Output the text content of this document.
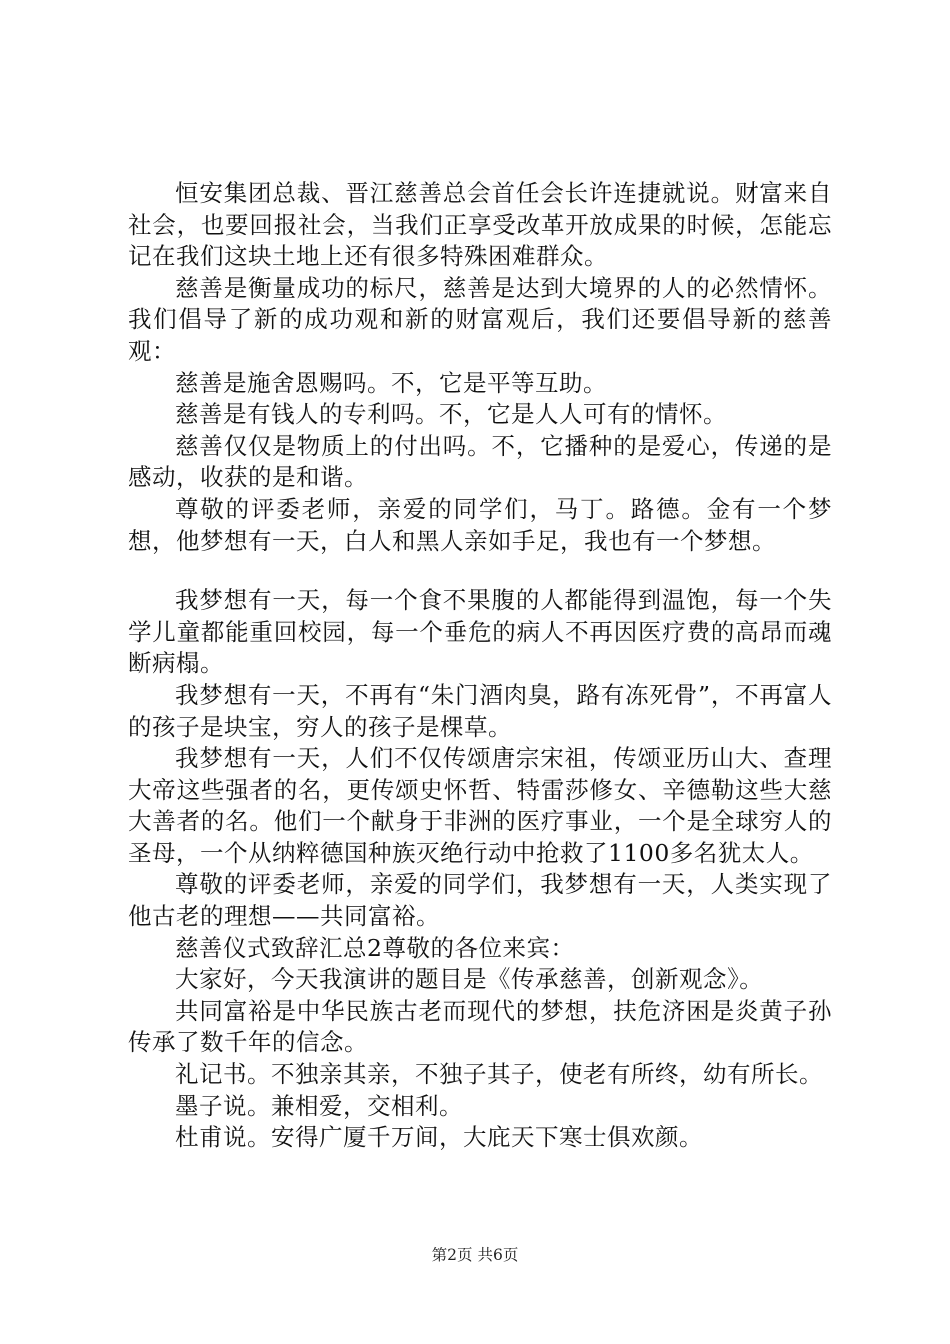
恒安集团总裁、晋江慈善总会首任会长许连捷就说。财富来自社会，也要回报社会，当我们正享受改革开放成果的时候，怎能忘记在我们这块土地上还有很多特殊困难群众。

慈善是衡量成功的标尺，慈善是达到大境界的人的必然情怀。我们倡导了新的成功观和新的财富观后，我们还要倡导新的慈善观：

慈善是施舍恩赐吗。不，它是平等互助。

慈善是有钱人的专利吗。不，它是人人可有的情怀。

慈善仅仅是物质上的付出吗。不，它播种的是爱心，传递的是感动，收获的是和谐。

尊敬的评委老师，亲爱的同学们，马丁。路德。金有一个梦想，他梦想有一天，白人和黑人亲如手足，我也有一个梦想。

我梦想有一天，每一个食不果腹的人都能得到温饱，每一个失学儿童都能重回校园，每一个垂危的病人不再因医疗费的高昂而魂断病榻。

我梦想有一天，不再有“朱门酒肉臭，路有冻死骨”，不再富人的孩子是块宝，穷人的孩子是棵草。

我梦想有一天，人们不仅传颂唐宗宋祖，传颂亚历山大、查理大帝这些强者的名，更传颂史怀哲、特雷莎修女、辛德勒这些大慈大善者的名。他们一个献身于非洲的医疗事业，一个是全球穷人的圣母，一个从纳粹德国种族灭绝行动中抢救了1100多名犹太人。

尊敬的评委老师，亲爱的同学们，我梦想有一天，人类实现了他古老的理想——共同富裕。

慈善仪式致辞汇总2尊敬的各位来宾：

大家好，今天我演讲的题目是《传承慈善，创新观念》。

共同富裕是中华民族古老而现代的梦想，扶危济困是炎黄子孙传承了数千年的信念。

礼记书。不独亲其亲，不独子其子，使老有所终，幼有所长。

墨子说。兼相爱，交相利。

杜甫说。安得广厦千万间，大庇天下寒士俱欢颜。

第2页 共6页
